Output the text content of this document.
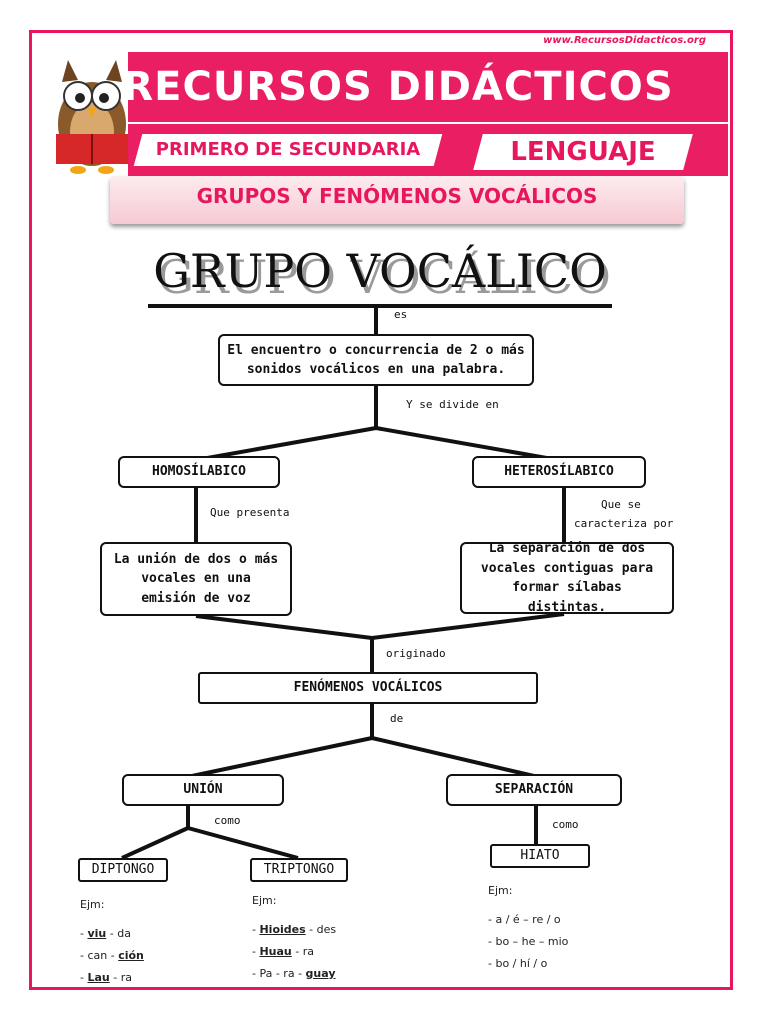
www.RecursosDidacticos.org
RECURSOS DIDÁCTICOS
PRIMERO DE SECUNDARIA	LENGUAJE
GRUPOS Y FENÓMENOS VOCÁLICOS
GRUPO VOCÁLICO
es
El encuentro o concurrencia de 2 o más sonidos vocálicos en una palabra.
Y se divide en
HOMOSÍLABICO	HETEROSÍLABICO
Que presenta
Que se
caracteriza por
La unión de dos o más vocales en una emisión de voz
La separación de dos vocales contiguas para formar sílabas distintas.
originado
FENÓMENOS VOCÁLICOS
de
UNIÓN	SEPARACIÓN
como	como
DIPTONGO	TRIPTONGO
HIATO
Ejm:
- viu - da
- can - ción
- Lau - ra
Ejm:
- Hioides - des
- Huau - ra
- Pa - ra - guay
Ejm:
- a / é – re / o
- bo – he – mio
- bo / hí / o
